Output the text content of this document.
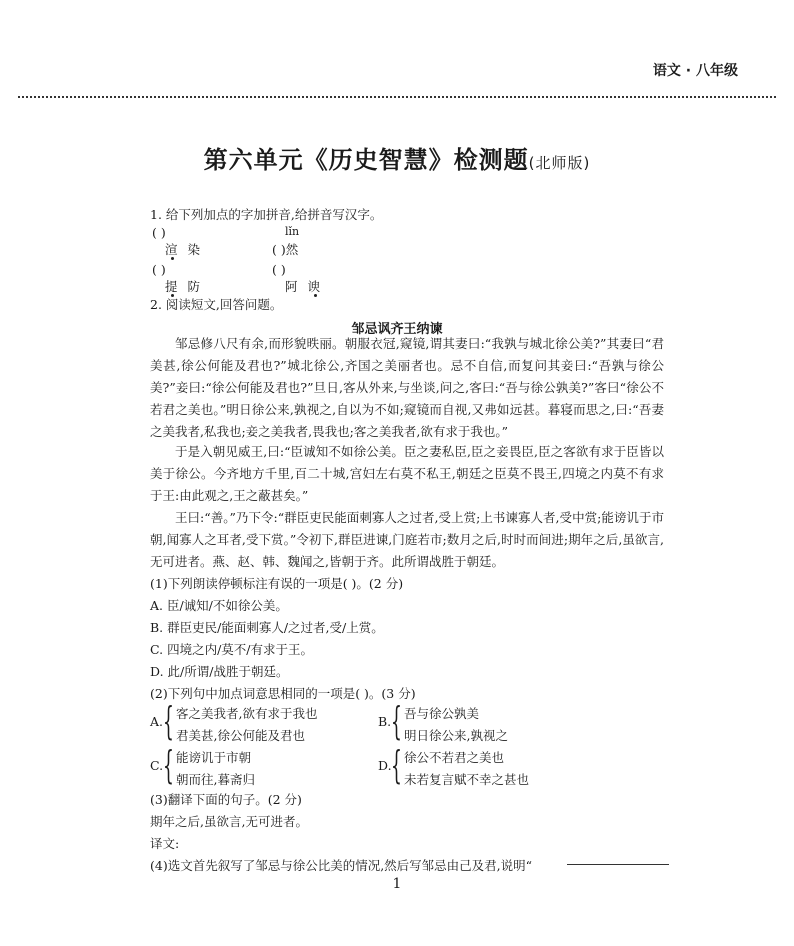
语文 · 八年级
第六单元《历史智慧》检测题(北师版)
1. 给下列加点的字加拼音,给拼音写汉字。
( )	lǐn
渲 染	( )然
( )	( )
提 防	阿 谀
2. 阅读短文,回答问题。
邹忌讽齐王纳谏
邹忌修八尺有余,而形貌昳丽。朝服衣冠,窥镜,谓其妻曰:“我孰与城北徐公美?”其妻曰“君美甚,徐公何能及君也?”城北徐公,齐国之美丽者也。忌不自信,而复问其妾曰:“吾孰与徐公美?”妾曰:“徐公何能及君也?”旦日,客从外来,与坐谈,问之,客曰:“吾与徐公孰美?”客曰“徐公不若君之美也。”明日徐公来,孰视之,自以为不如;窥镜而自视,又弗如远甚。暮寝而思之,曰:“吾妻之美我者,私我也;妾之美我者,畏我也;客之美我者,欲有求于我也。”
于是入朝见威王,曰:“臣诚知不如徐公美。臣之妻私臣,臣之妾畏臣,臣之客欲有求于臣皆以美于徐公。今齐地方千里,百二十城,宫妇左右莫不私王,朝廷之臣莫不畏王,四境之内莫不有求于王:由此观之,王之蔽甚矣。”
王曰:“善。”乃下令:“群臣吏民能面刺寡人之过者,受上赏;上书谏寡人者,受中赏;能谤讥于市朝,闻寡人之耳者,受下赏。”令初下,群臣进谏,门庭若市;数月之后,时时而间进;期年之后,虽欲言,无可进者。燕、赵、韩、魏闻之,皆朝于齐。此所谓战胜于朝廷。
(1)下列朗读停顿标注有误的一项是( )。(2 分)
A. 臣/诚知/不如徐公美。
B. 群臣吏民/能面刺寡人/之过者,受/上赏。
C. 四境之内/莫不/有求于王。
D. 此/所谓/战胜于朝廷。
(2)下列句中加点词意思相同的一项是( )。(3 分)
A. { 客之美我者,欲有求于我也
君美甚,徐公何能及君也
B. { 吾与徐公孰美
明日徐公来,孰视之
C. { 能谤讥于市朝
朝而往,暮斋归
D. { 徐公不若君之美也
未若复言赋不幸之甚也
(3)翻译下面的句子。(2 分)
期年之后,虽欲言,无可进者。
译文:
(4)选文首先叙写了邹忌与徐公比美的情况,然后写邹忌由己及君,说明“
1
